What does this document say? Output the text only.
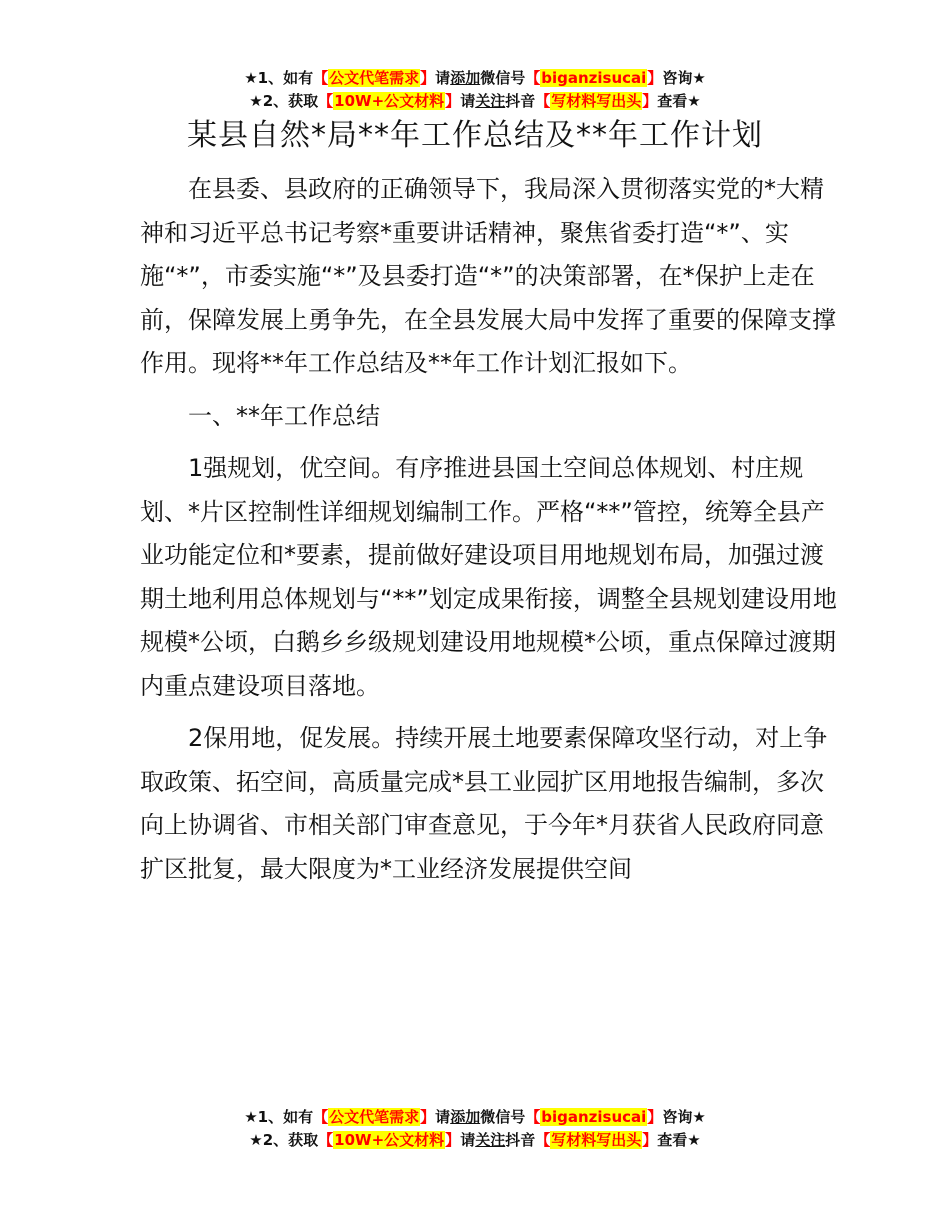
★1、如有【公文代笔需求】请添加微信号【biganzisucai】咨询★
★2、获取【10W+公文材料】请关注抖音【写材料写出头】查看★
某县自然*局**年工作总结及**年工作计划

在县委、县政府的正确领导下，我局深入贯彻落实党的*大精神和习近平总书记考察*重要讲话精神，聚焦省委打造“*”、实施“*”，市委实施“*”及县委打造“*”的决策部署，在*保护上走在前，保障发展上勇争先，在全县发展大局中发挥了重要的保障支撑作用。现将**年工作总结及**年工作计划汇报如下。

一、**年工作总结

1强规划，优空间。有序推进县国土空间总体规划、村庄规划、*片区控制性详细规划编制工作。严格“**”管控，统筹全县产业功能定位和*要素，提前做好建设项目用地规划布局，加强过渡期土地利用总体规划与“**”划定成果衔接，调整全县规划建设用地规模*公顷，白鹅乡乡级规划建设用地规模*公顷，重点保障过渡期内重点建设项目落地。

2保用地，促发展。持续开展土地要素保障攻坚行动，对上争取政策、拓空间，高质量完成*县工业园扩区用地报告编制，多次向上协调省、市相关部门审查意见，于今年*月获省人民政府同意扩区批复，最大限度为*工业经济发展提供空间

★1、如有【公文代笔需求】请添加微信号【biganzisucai】咨询★
★2、获取【10W+公文材料】请关注抖音【写材料写出头】查看★
